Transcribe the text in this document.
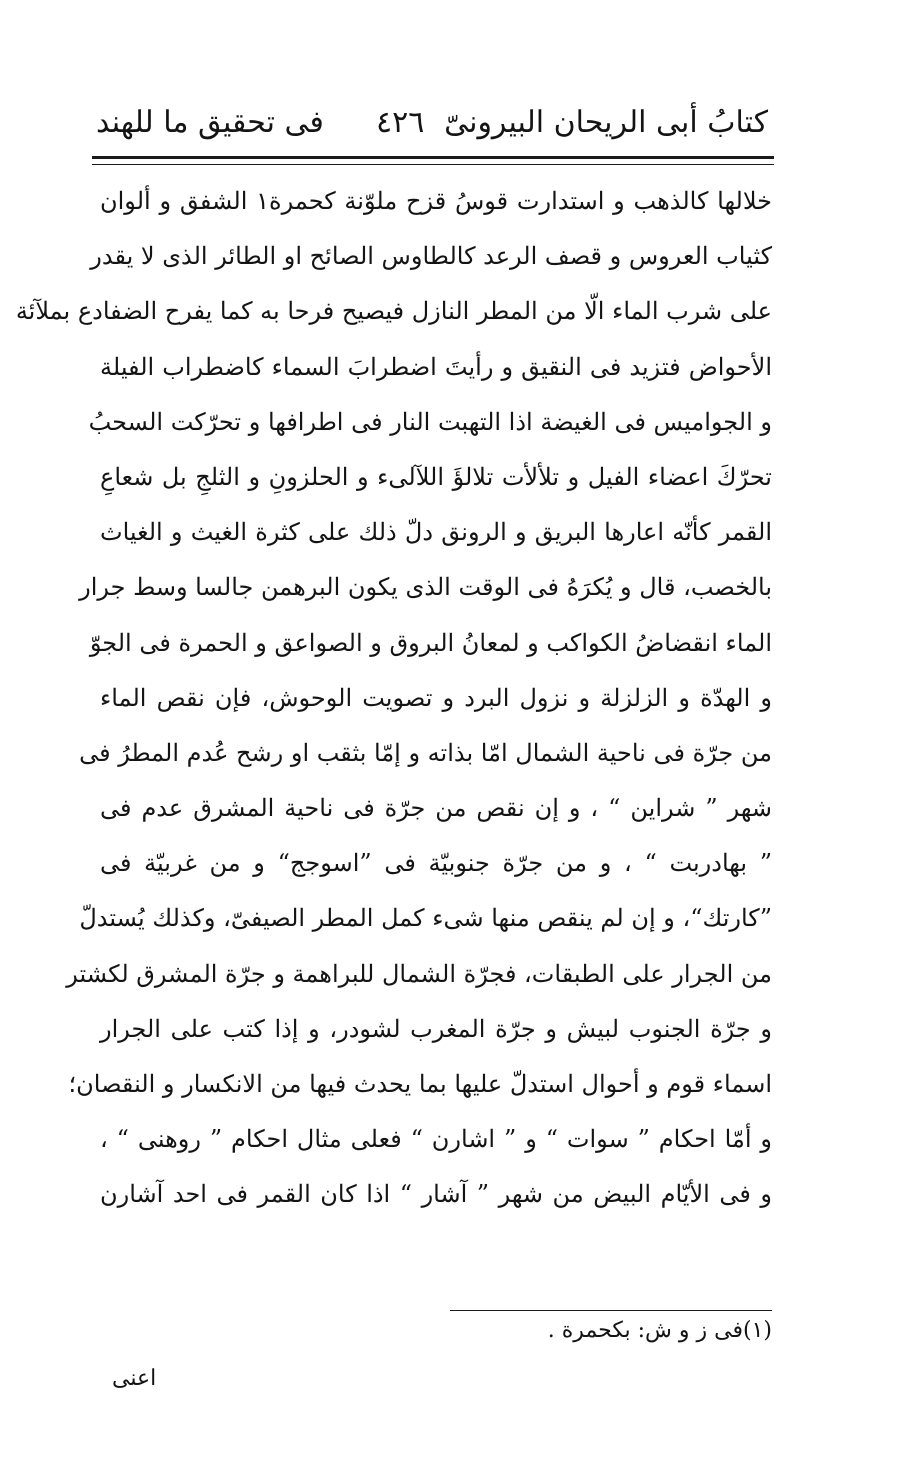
كتابُ أبى الريحان البيرونىّ
٤٢٦
فى تحقيق ما للهند
خلالها كالذهب و استدارت قوسُ قزح ملوّنة كحمرة١ الشفق و ألوان
كثياب العروس و قصف الرعد كالطاوس الصائح او الطائر الذى لا يقدر
على شرب الماء الّا من المطر النازل فيصيح فرحا به كما يفرح الضفادع بملآئة
الأحواض فتزيد فى النقيق و رأيتَ اضطرابَ السماء كاضطراب الفيلة
و الجواميس فى الغيضة اذا التهبت النار فى اطرافها و تحرّكت السحبُ
تحرّكَ اعضاء الفيل و تلألأت تلالؤَ اللآلىء و الحلزونِ و الثلجِ بل شعاعِ
القمر كأنّه اعارها البريق و الرونق دلّ ذلك على كثرة الغيث و الغياث
بالخصب، قال و يُكرَهُ فى الوقت الذى يكون البرهمن جالسا وسط جرار
الماء انقضاضُ الكواكب و لمعانُ البروق و الصواعق و الحمرة فى الجوّ
و الهدّة و الزلزلة و نزول البرد و تصويت الوحوش، فإن نقص الماء
من جرّة فى ناحية الشمال امّا بذاته و إمّا بثقب او رشح عُدم المطرُ فى
شهر ” شراين “ ، و إن نقص من جرّة فى ناحية المشرق عدم فى
” بهادربت “ ، و من جرّة جنوبيّة فى ”اسوجج“ و من غربيّة فى
”كارتك“، و إن لم ينقص منها شىء كمل المطر الصيفىّ، وكذلك يُستدلّ
من الجرار على الطبقات، فجرّة الشمال للبراهمة و جرّة المشرق لكشتر
و جرّة الجنوب لبيش و جرّة المغرب لشودر، و إذا كتب على الجرار
اسماء قوم و أحوال استدلّ عليها بما يحدث فيها من الانكسار و النقصان؛
و أمّا احكام ” سوات “ و ” اشارن “ فعلى مثال احكام ” روهنى “ ،
و فى الأيّام البيض من شهر ” آشار “ اذا كان القمر فى احد آشارن
(١)فى ز و ش: بكحمرة .
اعنى
